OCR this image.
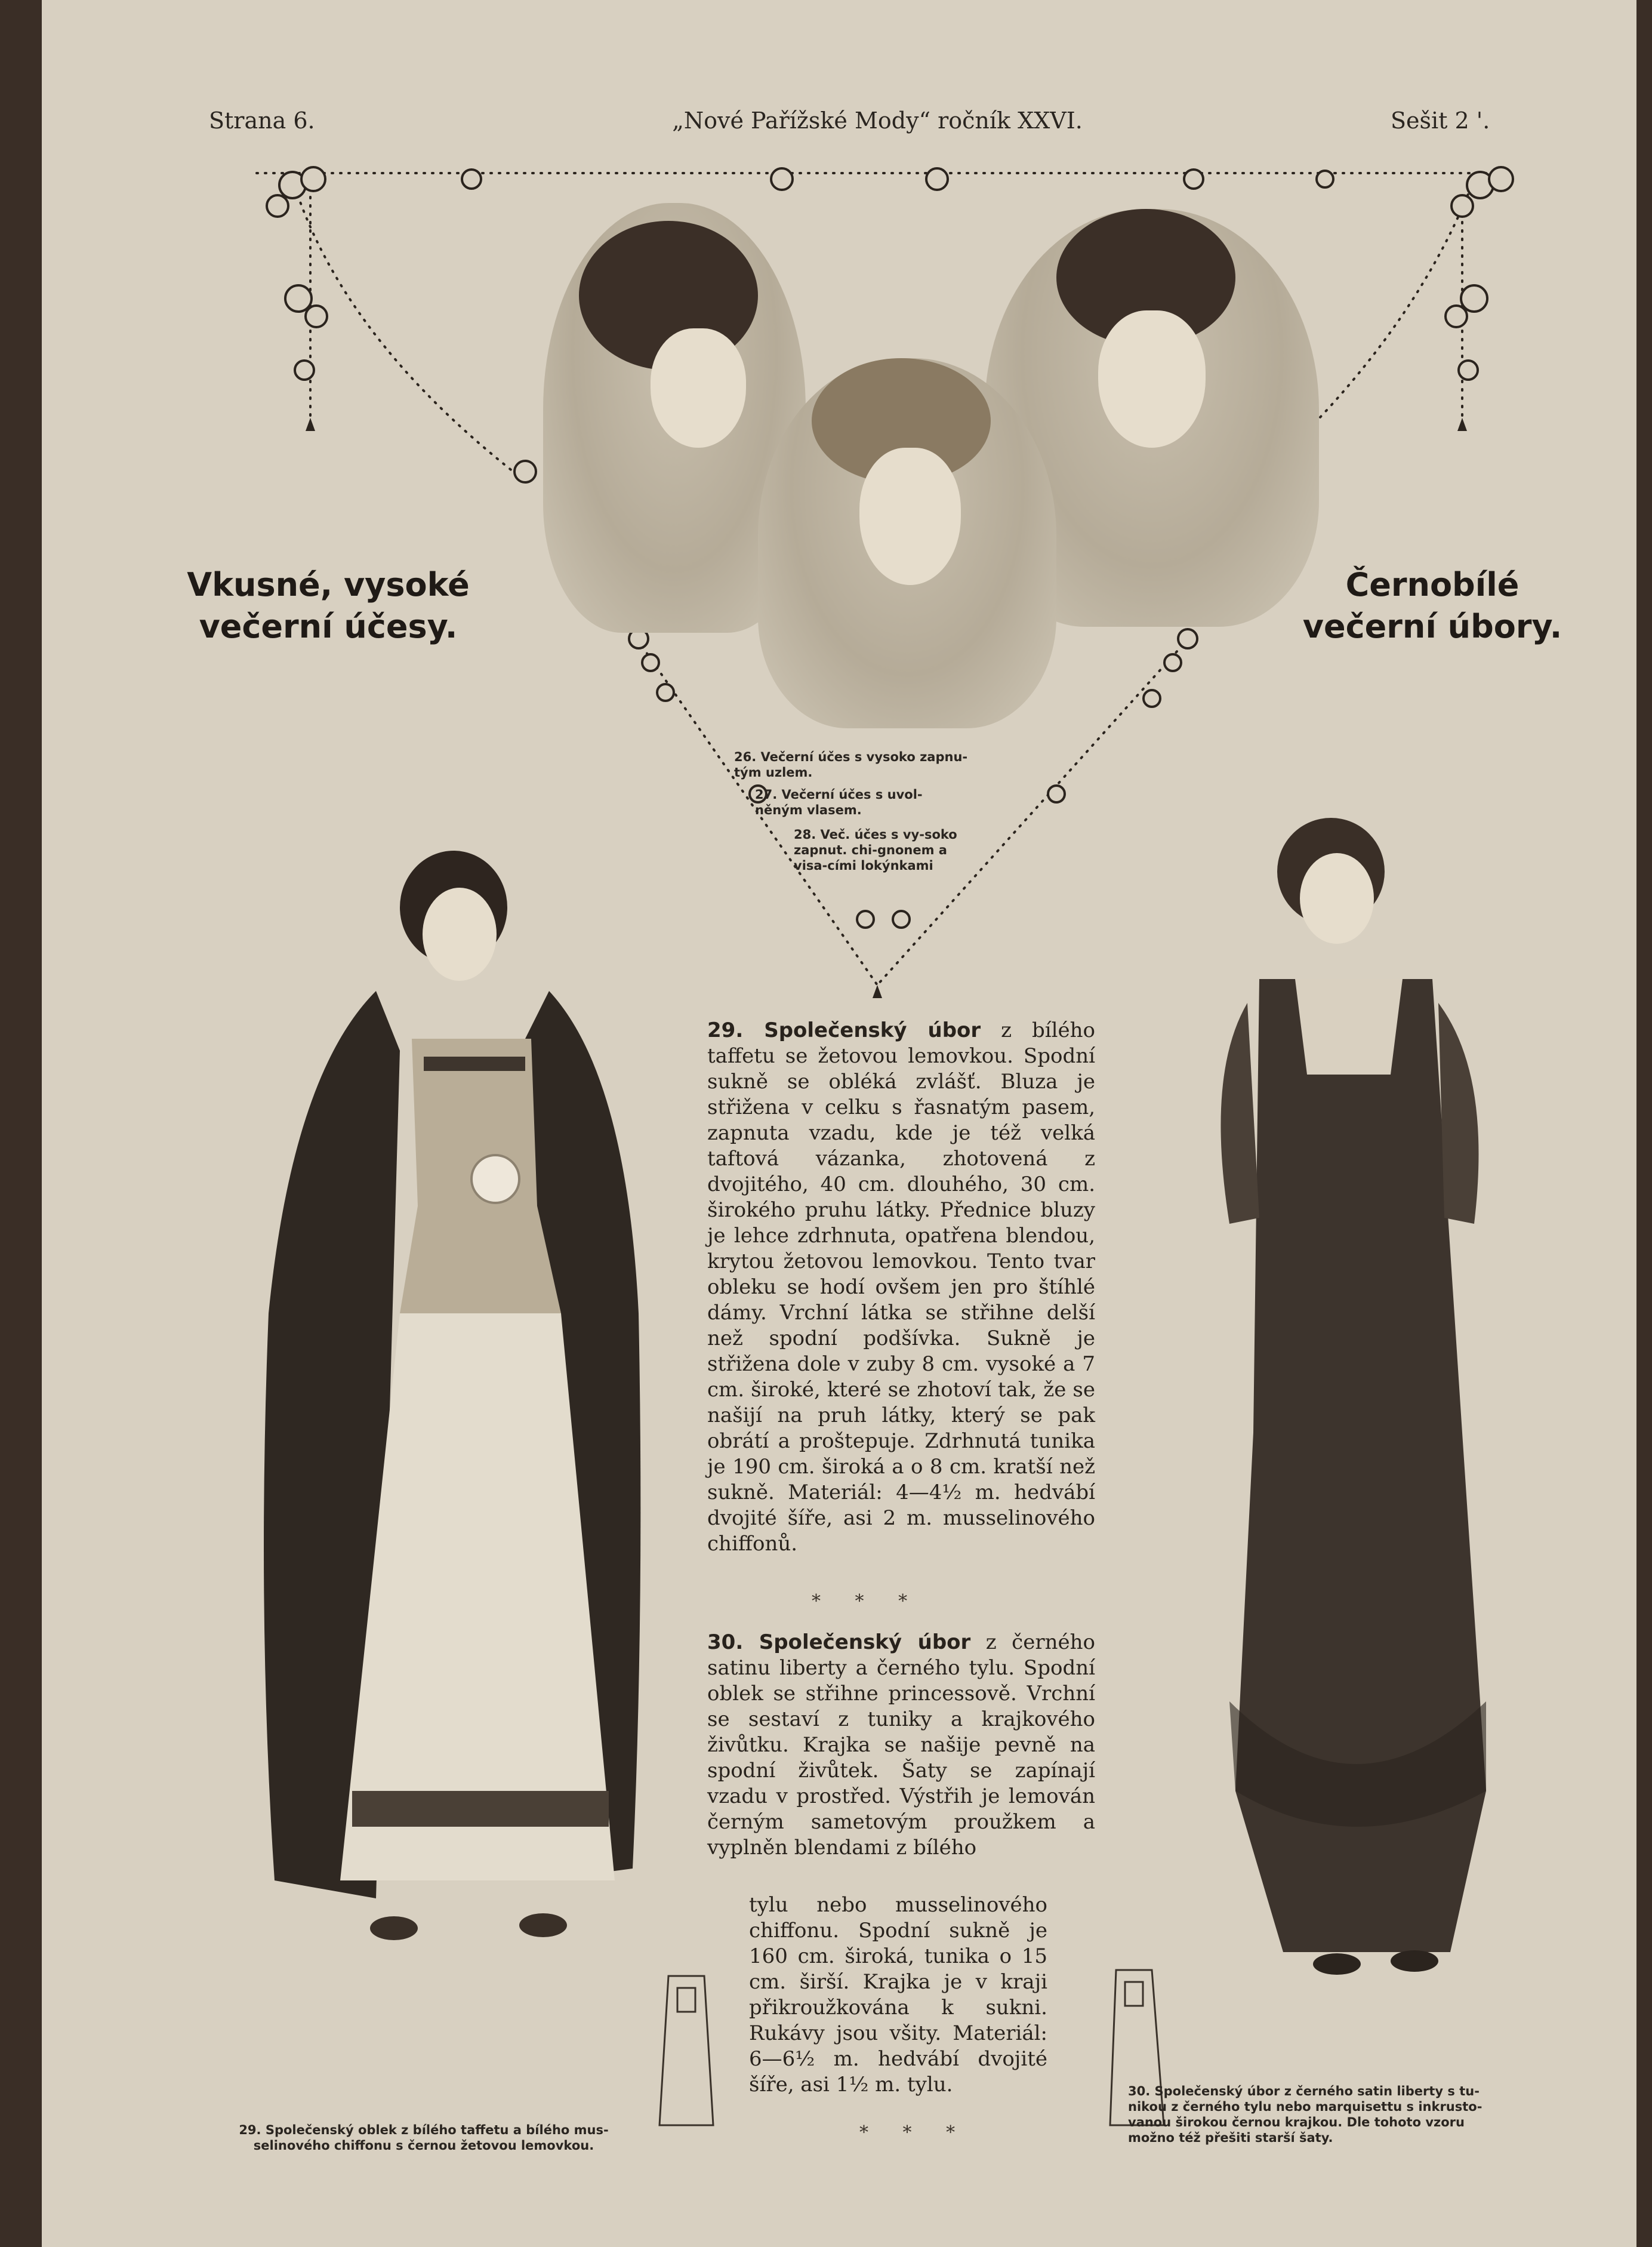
Strana 6.	„Nové Pařížské Mody“ ročník XXVI.	Sešit 2 '.
Vkusné, vysoké
večerní účesy.
Černobílé
večerní úbory.
26. Večerní účes s vysoko zapnu-tým uzlem.
27. Večerní účes s uvol-něným vlasem.
28. Več. účes s vy-soko zapnut. chi-gnonem a visa-cími lokýnkami
29. Společenský úbor z bílého taffetu se žetovou lemovkou. Spodní sukně se obléká zvlášť. Bluza je střižena v celku s řasnatým pasem, zapnuta vzadu, kde je též velká taftová vázanka, zhotovená z dvojitého, 40 cm. dlouhého, 30 cm. širokého pruhu látky. Přednice bluzy je lehce zdrhnuta, opatřena blendou, krytou žetovou lemovkou. Tento tvar obleku se hodí ovšem jen pro štíhlé dámy. Vrchní látka se střihne delší než spodní podšívka. Sukně je střižena dole v zuby 8 cm. vysoké a 7 cm. široké, které se zhotoví tak, že se našijí na pruh látky, který se pak obrátí a proštepuje. Zdrhnutá tunika je 190 cm. široká a o 8 cm. kratší než sukně. Materiál: 4—4½ m. hedvábí dvojité šíře, asi 2 m. musselinového chiffonů.
* * *
30. Společenský úbor z černého satinu liberty a černého tylu. Spodní oblek se střihne princessově. Vrchní se sestaví z tuniky a krajkového živůtku. Krajka se našije pevně na spodní živůtek. Šaty se zapínají vzadu v prostřed. Výstřih je lemován černým sametovým proužkem a vyplněn blendami z bílého
tylu nebo musselinového chiffonu. Spodní sukně je 160 cm. široká, tunika o 15 cm. širší. Krajka je v kraji přikroužkována k sukni. Rukávy jsou všity. Materiál: 6—6½ m. hedvábí dvojité šíře, asi 1½ m. tylu.
* * *
29. Společenský oblek z bílého taffetu a bílého mus-selinového chiffonu s černou žetovou lemovkou.
30. Společenský úbor z černého satin liberty s tu-nikou z černého tylu nebo marquisettu s inkrusto-vanou širokou černou krajkou. Dle tohoto vzoru možno též přešiti starší šaty.
